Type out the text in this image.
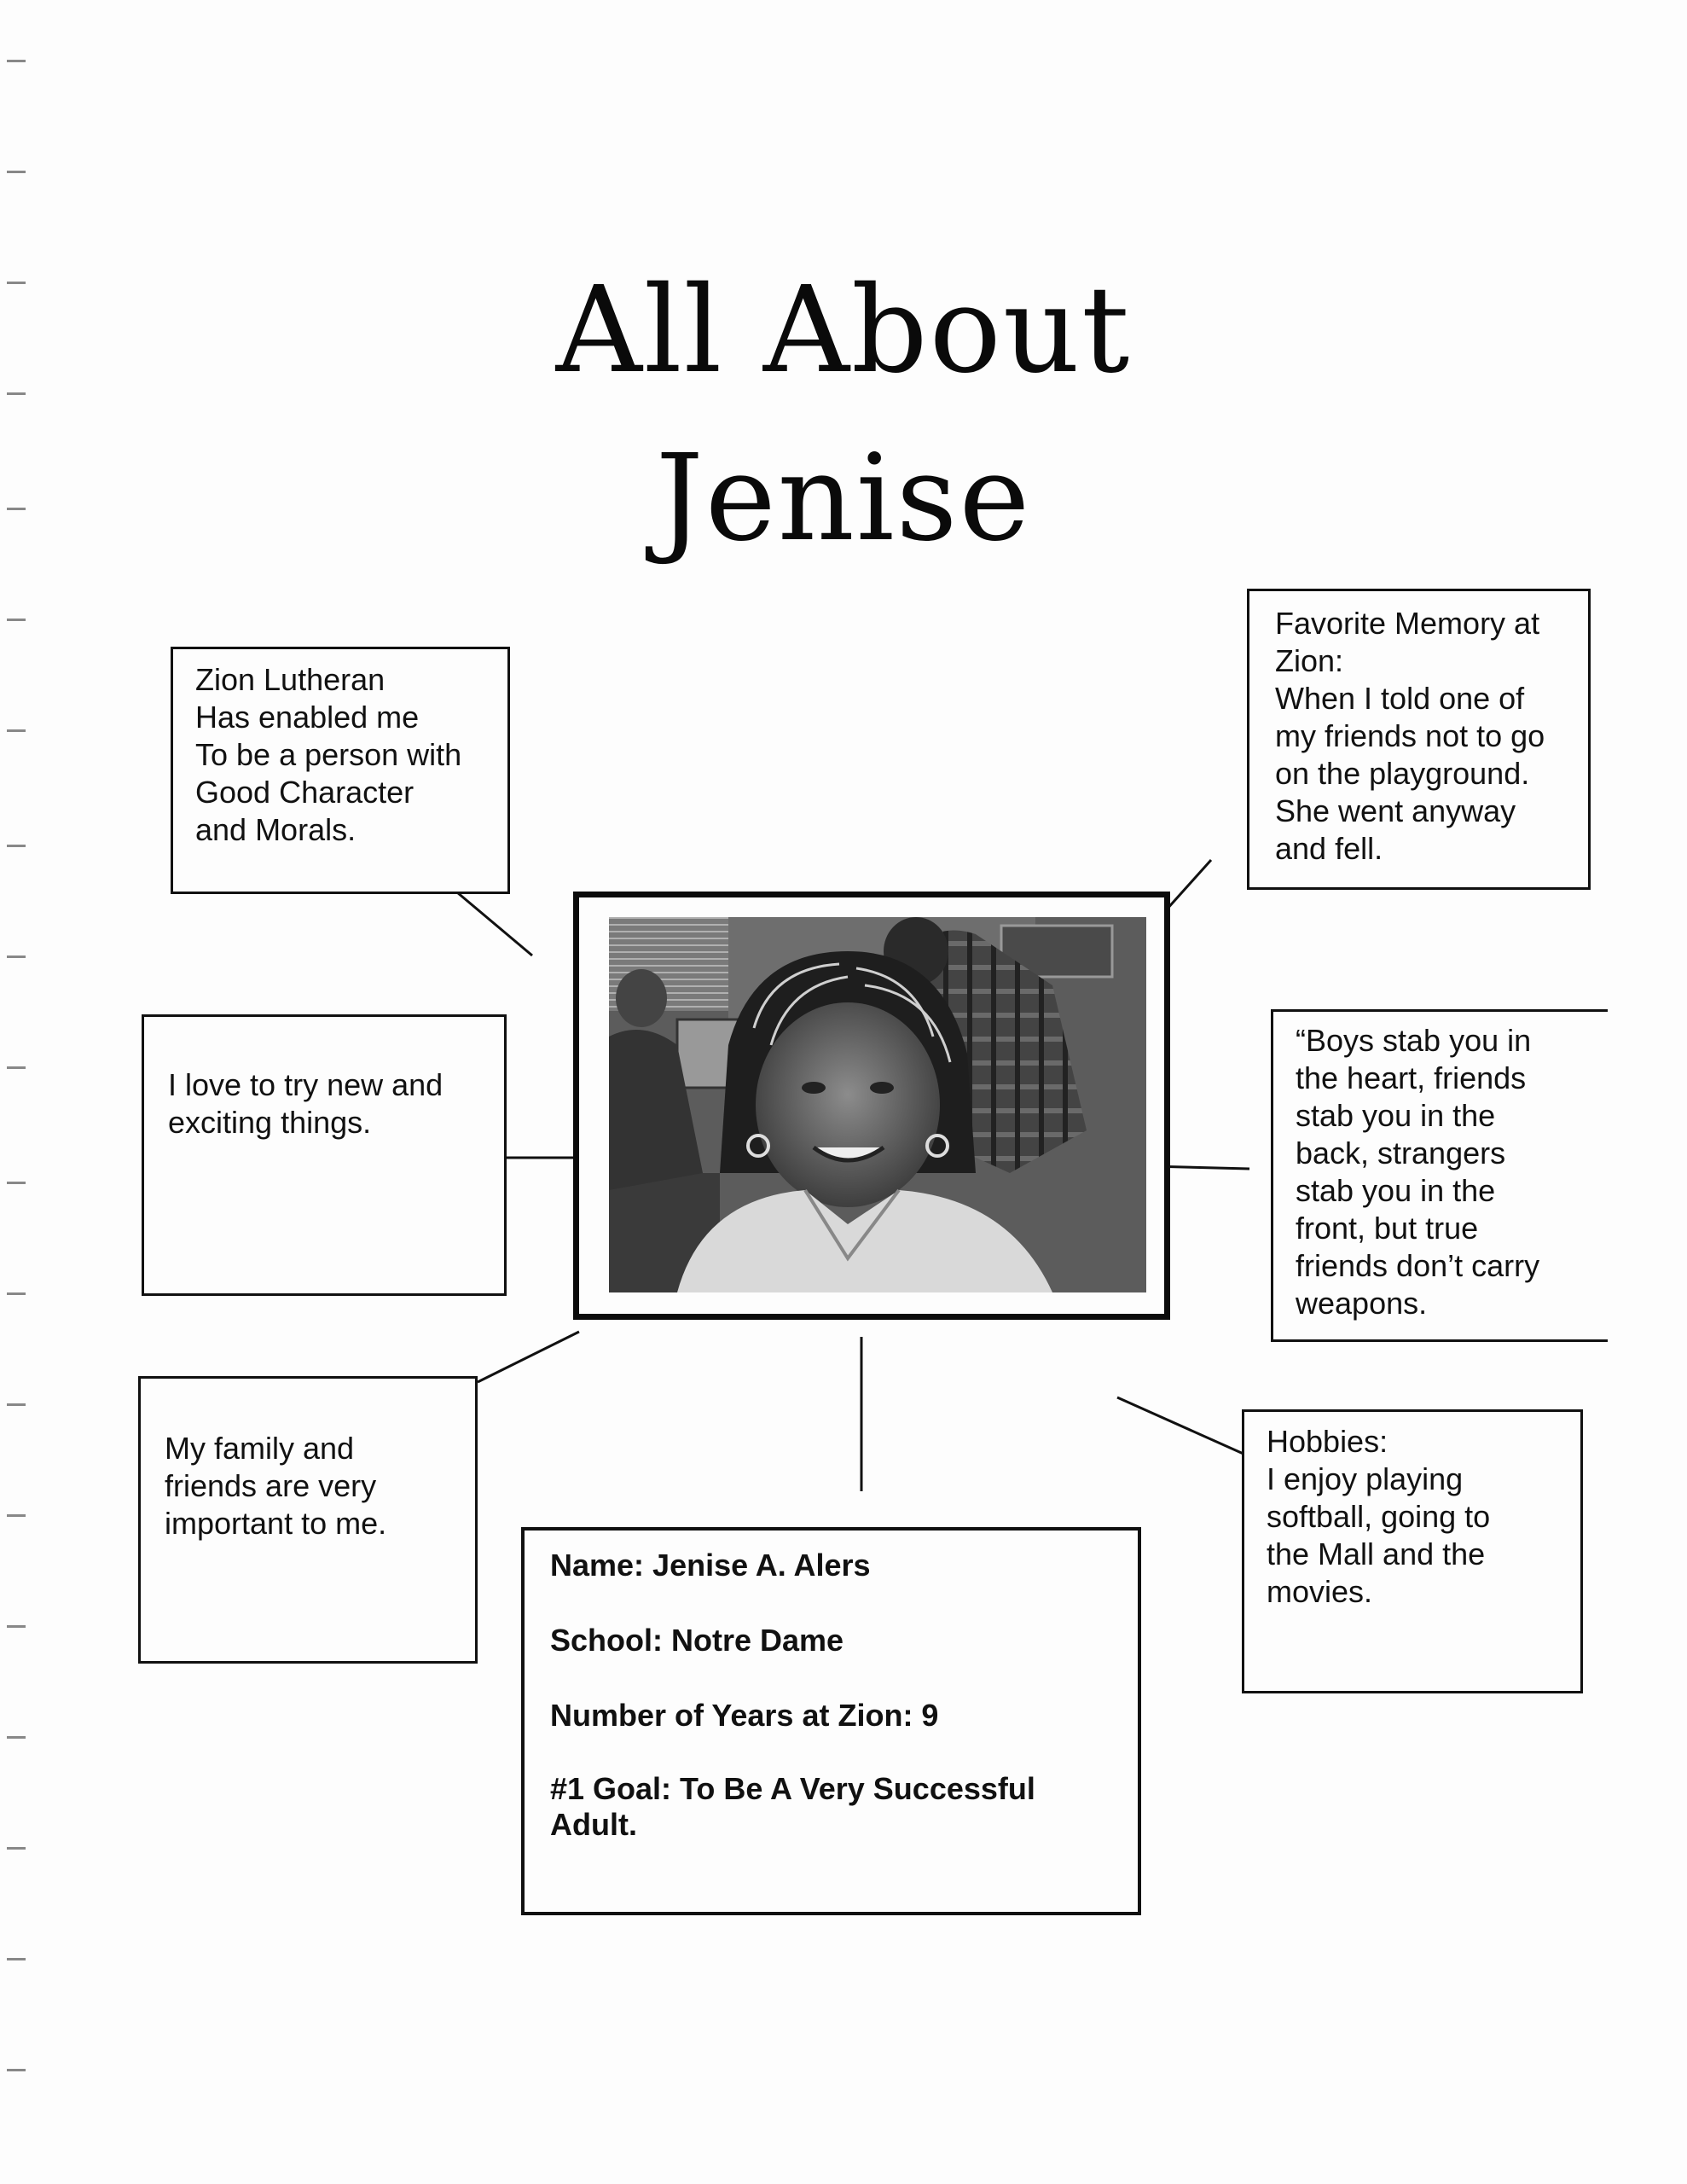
All About
Jenise
Zion Lutheran
Has enabled me
To be a person with
Good Character
and Morals.
Favorite Memory at
Zion:
When I told one of
my friends not to go
on the playground.
She went anyway
and fell.
I love to try new and
exciting things.
“Boys stab you in
the heart, friends
stab you in the
back, strangers
stab you in the
front, but true
friends don’t carry
weapons.
My family and
friends are very
important to me.
Hobbies:
I enjoy playing
softball, going to
the Mall and the
movies.
Name: Jenise A. Alers
School: Notre Dame
Number of Years at Zion: 9
#1 Goal: To Be A Very Successful
Adult.
